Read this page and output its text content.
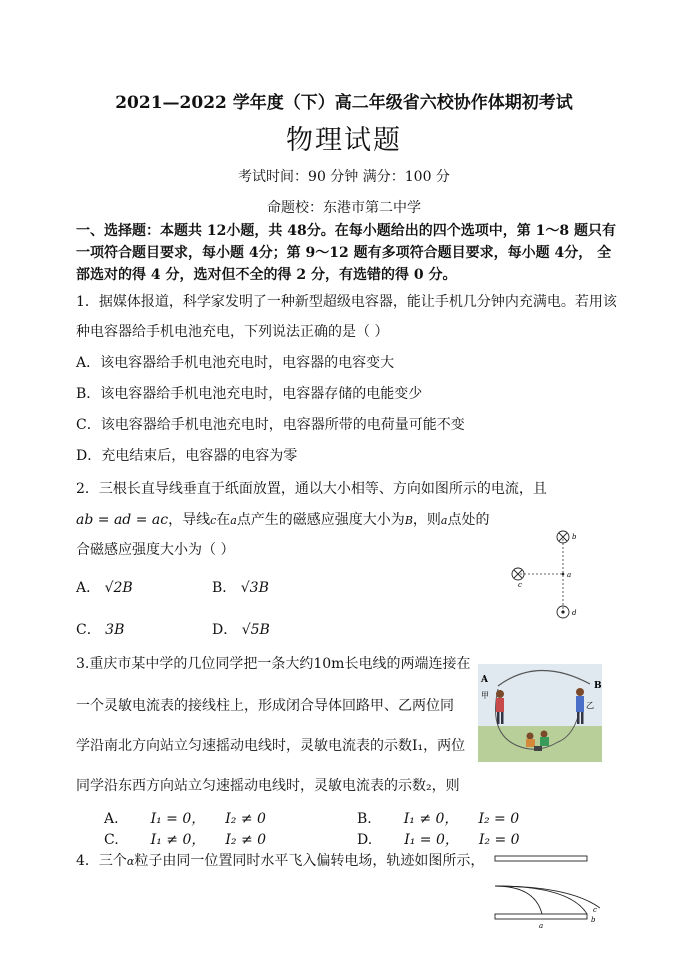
2021—2022 学年度（下）高二年级省六校协作体期初考试
物理试题
考试时间：90 分钟 满分：100 分
命题校：东港市第二中学
一、选择题：本题共 12小题，共 48分。在每小题给出的四个选项中，第 1～8 题只有
一项符合题目要求，每小题 4分；第 9～12 题有多项符合题目要求，每小题 4分， 全
部选对的得 4 分，选对但不全的得 2 分，有选错的得 0 分。
1．据媒体报道，科学家发明了一种新型超级电容器，能让手机几分钟内充满电。若用该
种电容器给手机电池充电，下列说法正确的是（ ）
A．该电容器给手机电池充电时，电容器的电容变大
B．该电容器给手机电池充电时，电容器存储的电能变少
C．该电容器给手机电池充电时，电容器所带的电荷量可能不变
D．充电结束后，电容器的电容为零
2．三根长直导线垂直于纸面放置，通以大小相等、方向如图所示的电流，且
ab = ad = ac，导线c在a点产生的磁感应强度大小为B，则a点处的
合磁感应强度大小为（ ）
A． √2B	B． √3B
C． 3B	D． √5B
b
a
c
d
3.重庆市某中学的几位同学把一条大约10m长电线的两端连接在
一个灵敏电流表的接线柱上，形成闭合导体回路甲、乙两位同
学沿南北方向站立匀速摇动电线时，灵敏电流表的示数I₁，两位
同学沿东西方向站立匀速摇动电线时，灵敏电流表的示数₂，则
A. I₁ = 0， I₂ ≠ 0	B. I₁ ≠ 0， I₂ = 0
C. I₁ ≠ 0， I₂ ≠ 0	D. I₁ = 0， I₂ = 0
A
B
甲
乙
4．三个α粒子由同一位置同时水平飞入偏转电场，轨迹如图所示，
a
b
c
